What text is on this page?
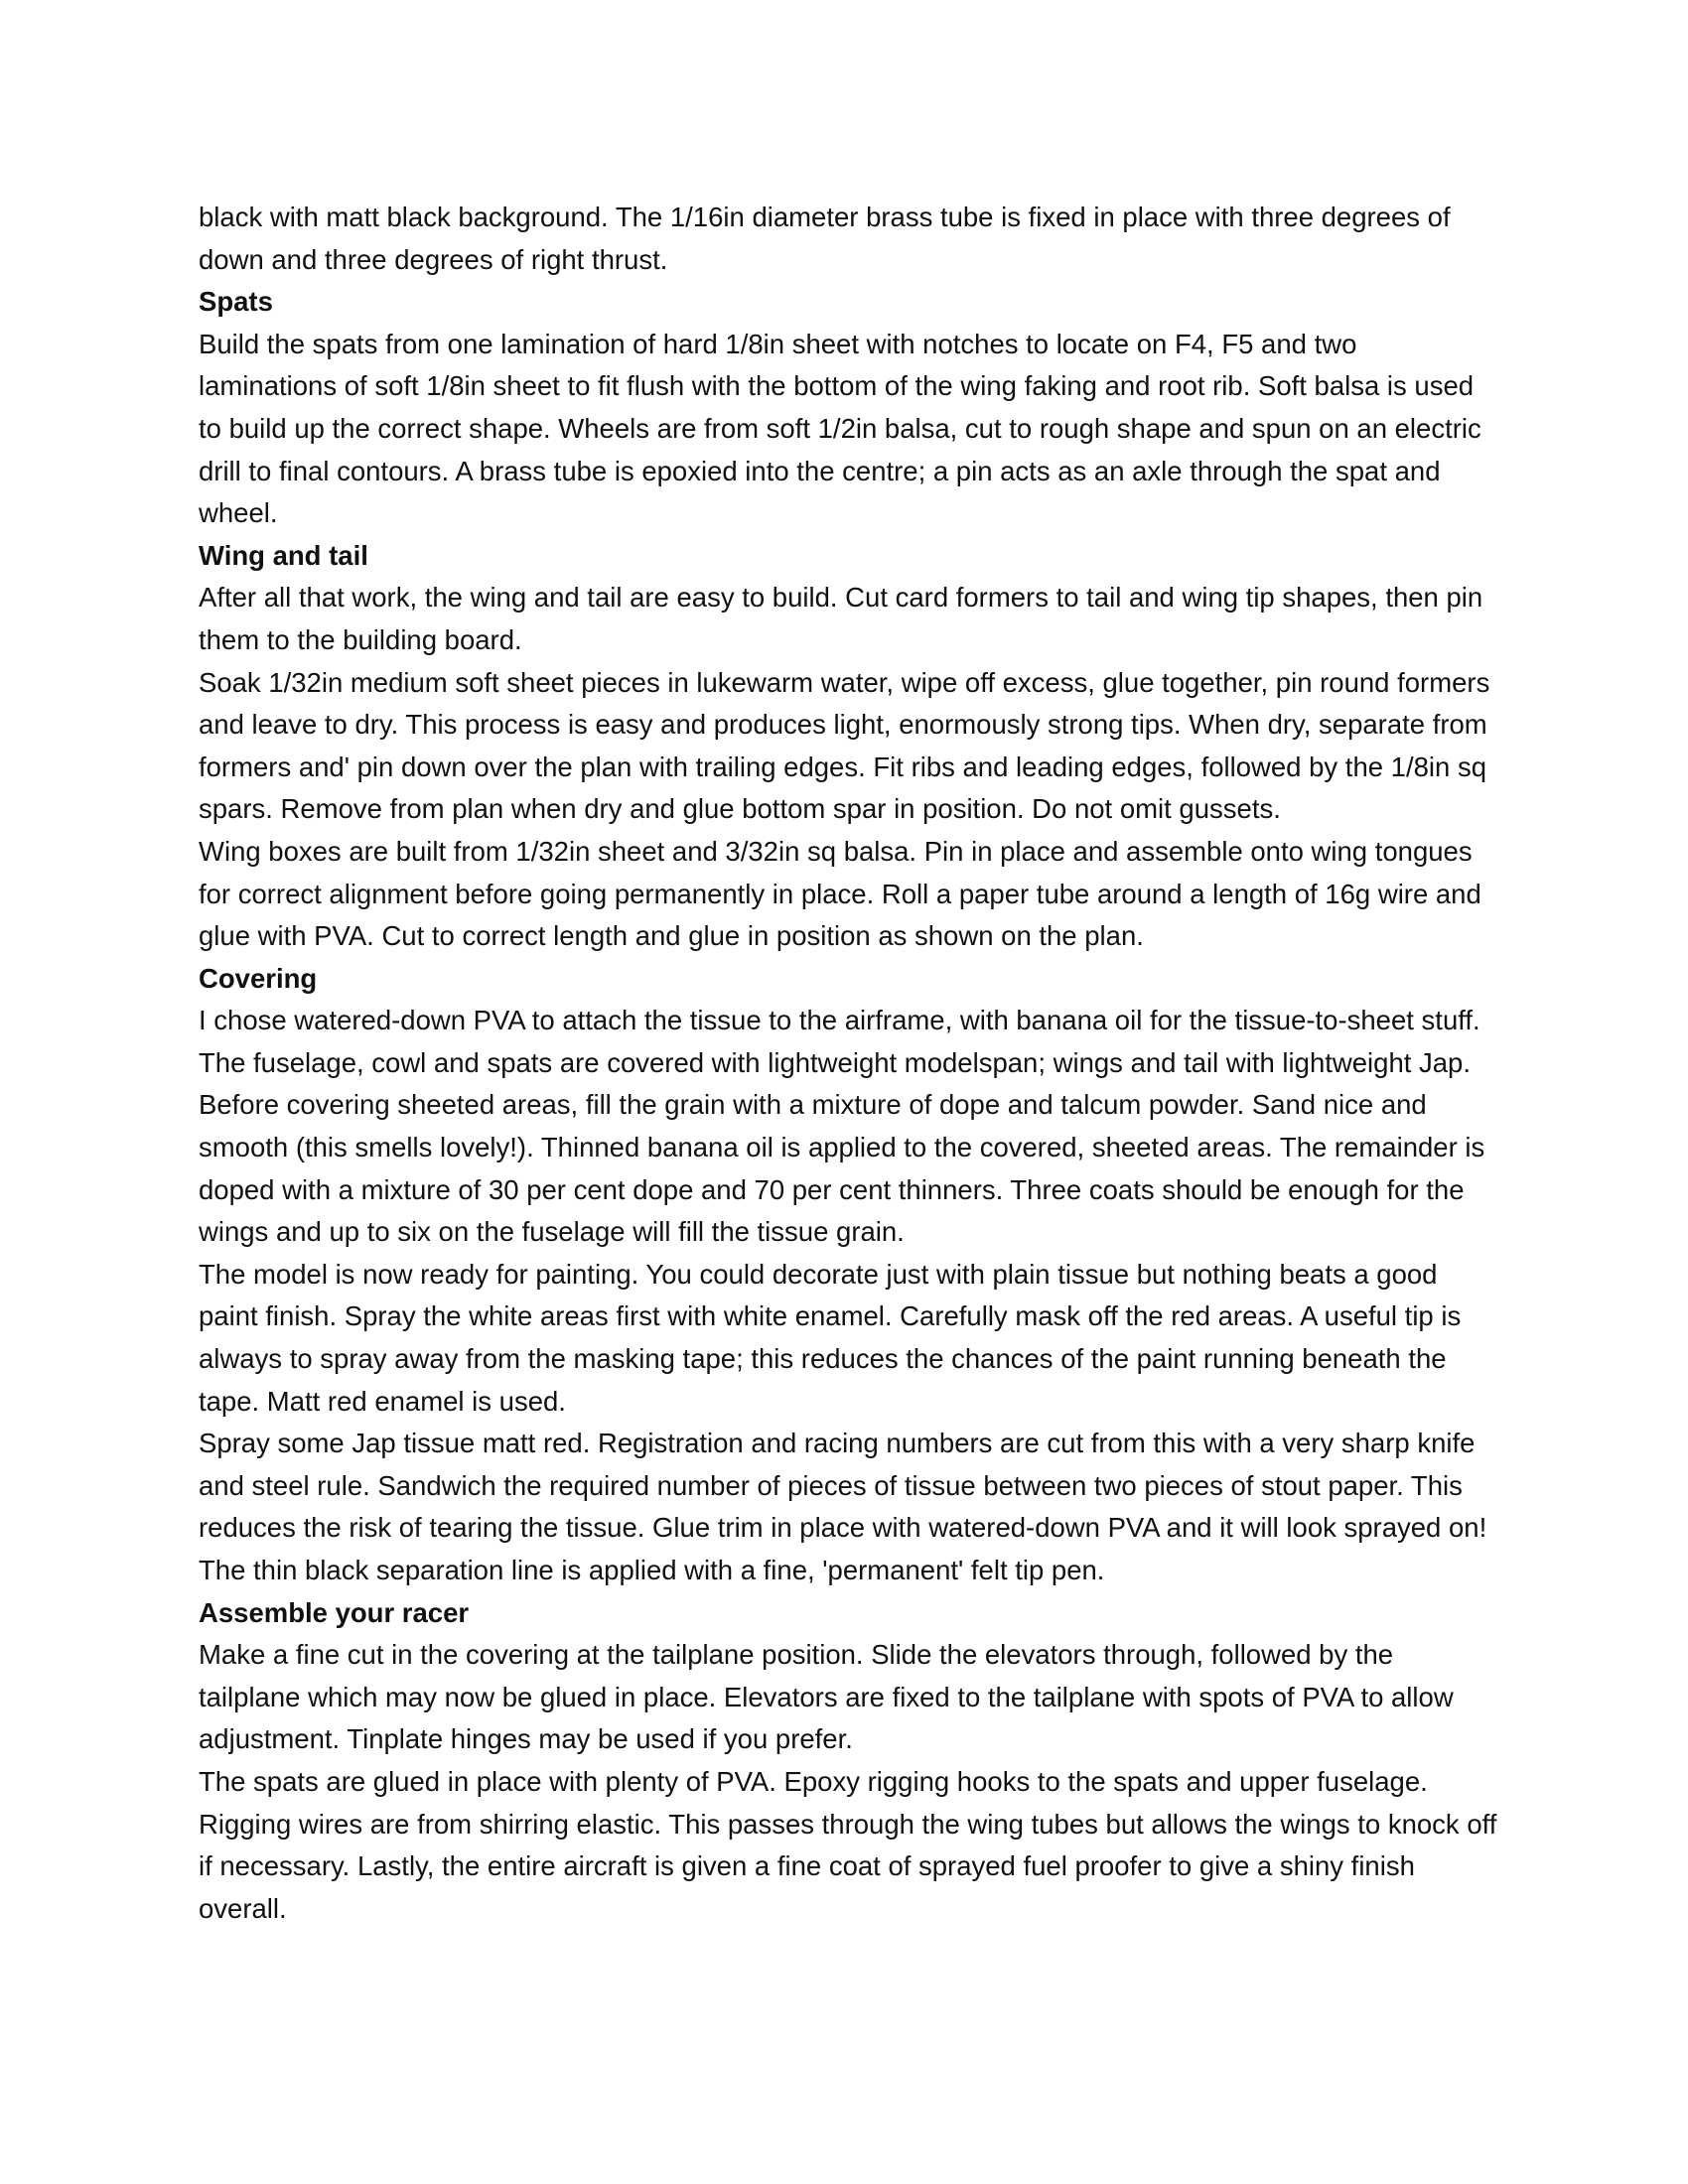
black with matt black background. The 1/16in diameter brass tube is fixed in place with three degrees of down and three degrees of right thrust.

Spats

Build the spats from one lamination of hard 1/8in sheet with notches to locate on F4, F5 and two laminations of soft 1/8in sheet to fit flush with the bottom of the wing faking and root rib. Soft balsa is used to build up the correct shape. Wheels are from soft 1/2in balsa, cut to rough shape and spun on an electric drill to final contours. A brass tube is epoxied into the centre; a pin acts as an axle through the spat and wheel.

Wing and tail

After all that work, the wing and tail are easy to build. Cut card formers to tail and wing tip shapes, then pin them to the building board.

Soak 1/32in medium soft sheet pieces in lukewarm water, wipe off excess, glue together, pin round formers and leave to dry. This process is easy and produces light, enormously strong tips. When dry, separate from formers and' pin down over the plan with trailing edges. Fit ribs and leading edges, followed by the 1/8in sq spars. Remove from plan when dry and glue bottom spar in position. Do not omit gussets.

Wing boxes are built from 1/32in sheet and 3/32in sq balsa. Pin in place and assemble onto wing tongues for correct alignment before going permanently in place. Roll a paper tube around a length of 16g wire and glue with PVA. Cut to correct length and glue in position as shown on the plan.

Covering

I chose watered-down PVA to attach the tissue to the airframe, with banana oil for the tissue-to-sheet stuff. The fuselage, cowl and spats are covered with lightweight modelspan; wings and tail with lightweight Jap. Before covering sheeted areas, fill the grain with a mixture of dope and talcum powder. Sand nice and smooth (this smells lovely!). Thinned banana oil is applied to the covered, sheeted areas. The remainder is doped with a mixture of 30 per cent dope and 70 per cent thinners. Three coats should be enough for the wings and up to six on the fuselage will fill the tissue grain.

The model is now ready for painting. You could decorate just with plain tissue but nothing beats a good paint finish. Spray the white areas first with white enamel. Carefully mask off the red areas. A useful tip is always to spray away from the masking tape; this reduces the chances of the paint running beneath the tape. Matt red enamel is used.

Spray some Jap tissue matt red. Registration and racing numbers are cut from this with a very sharp knife and steel rule. Sandwich the required number of pieces of tissue between two pieces of stout paper. This reduces the risk of tearing the tissue. Glue trim in place with watered-down PVA and it will look sprayed on! The thin black separation line is applied with a fine, 'permanent' felt tip pen.

Assemble your racer

Make a fine cut in the covering at the tailplane position. Slide the elevators through, followed by the tailplane which may now be glued in place. Elevators are fixed to the tailplane with spots of PVA to allow adjustment. Tinplate hinges may be used if you prefer.

The spats are glued in place with plenty of PVA. Epoxy rigging hooks to the spats and upper fuselage. Rigging wires are from shirring elastic. This passes through the wing tubes but allows the wings to knock off if necessary. Lastly, the entire aircraft is given a fine coat of sprayed fuel proofer to give a shiny finish overall.
